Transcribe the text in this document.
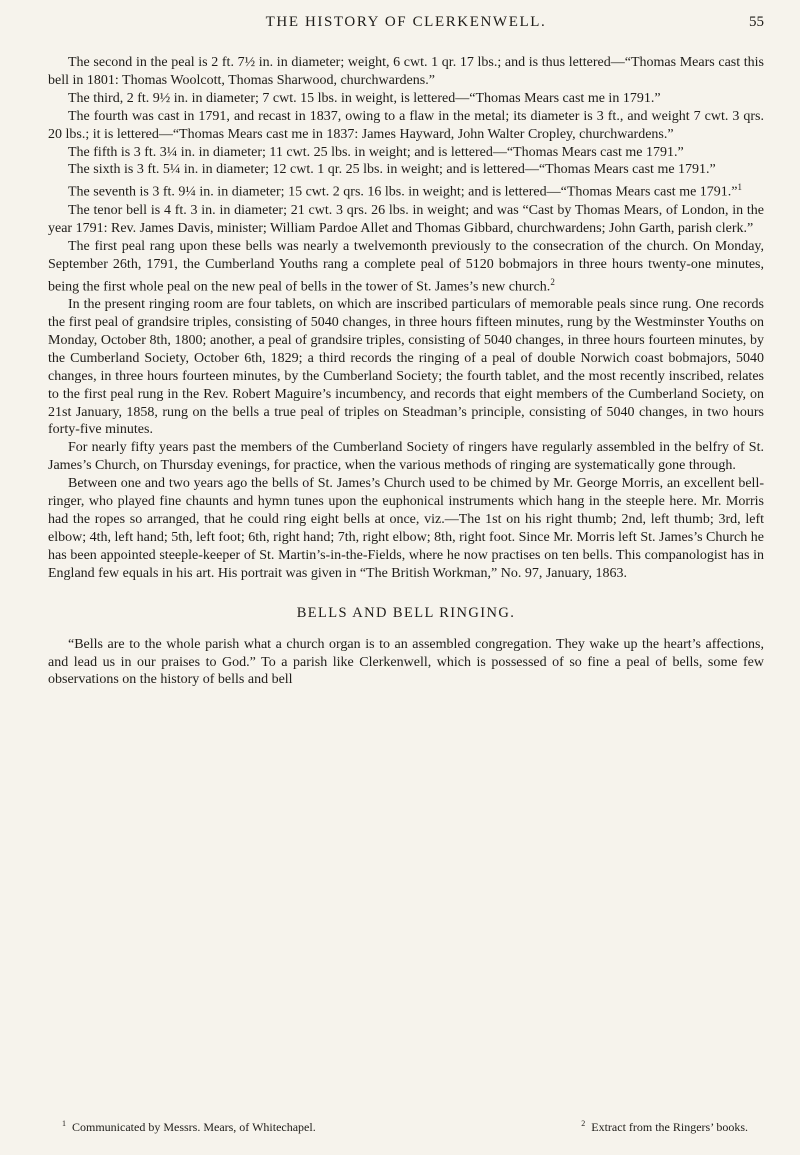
THE HISTORY OF CLERKENWELL.	55

The second in the peal is 2 ft. 7½ in. in diameter; weight, 6 cwt. 1 qr. 17 lbs.; and is thus lettered—“Thomas Mears cast this bell in 1801: Thomas Woolcott, Thomas Sharwood, churchwardens.”

The third, 2 ft. 9½ in. in diameter; 7 cwt. 15 lbs. in weight, is lettered—“Thomas Mears cast me in 1791.”

The fourth was cast in 1791, and recast in 1837, owing to a flaw in the metal; its diameter is 3 ft., and weight 7 cwt. 3 qrs. 20 lbs.; it is lettered—“Thomas Mears cast me in 1837: James Hayward, John Walter Cropley, churchwardens.”

The fifth is 3 ft. 3¼ in. in diameter; 11 cwt. 25 lbs. in weight; and is lettered—“Thomas Mears cast me 1791.”

The sixth is 3 ft. 5¼ in. in diameter; 12 cwt. 1 qr. 25 lbs. in weight; and is lettered—“Thomas Mears cast me 1791.”

The seventh is 3 ft. 9¼ in. in diameter; 15 cwt. 2 qrs. 16 lbs. in weight; and is lettered—“Thomas Mears cast me 1791.”$^1$

The tenor bell is 4 ft. 3 in. in diameter; 21 cwt. 3 qrs. 26 lbs. in weight; and was “Cast by Thomas Mears, of London, in the year 1791: Rev. James Davis, minister; William Pardoe Allet and Thomas Gibbard, churchwardens; John Garth, parish clerk.”

The first peal rang upon these bells was nearly a twelvemonth previously to the consecration of the church. On Monday, September 26th, 1791, the Cumberland Youths rang a complete peal of 5120 bobmajors in three hours twenty-one minutes, being the first whole peal on the new peal of bells in the tower of St. James’s new church.$^2$

In the present ringing room are four tablets, on which are inscribed particulars of memorable peals since rung. One records the first peal of grandsire triples, consisting of 5040 changes, in three hours fifteen minutes, rung by the Westminster Youths on Monday, October 8th, 1800; another, a peal of grandsire triples, consisting of 5040 changes, in three hours fourteen minutes, by the Cumberland Society, October 6th, 1829; a third records the ringing of a peal of double Norwich coast bobmajors, 5040 changes, in three hours fourteen minutes, by the Cumberland Society; the fourth tablet, and the most recently inscribed, relates to the first peal rung in the Rev. Robert Maguire’s incumbency, and records that eight members of the Cumberland Society, on 21st January, 1858, rung on the bells a true peal of triples on Steadman’s principle, consisting of 5040 changes, in two hours forty-five minutes.

For nearly fifty years past the members of the Cumberland Society of ringers have regularly assembled in the belfry of St. James’s Church, on Thursday evenings, for practice, when the various methods of ringing are systematically gone through.

Between one and two years ago the bells of St. James’s Church used to be chimed by Mr. George Morris, an excellent bell-ringer, who played fine chaunts and hymn tunes upon the euphonical instruments which hang in the steeple here. Mr. Morris had the ropes so arranged, that he could ring eight bells at once, viz.—The 1st on his right thumb; 2nd, left thumb; 3rd, left elbow; 4th, left hand; 5th, left foot; 6th, right hand; 7th, right elbow; 8th, right foot. Since Mr. Morris left St. James’s Church he has been appointed steeple-keeper of St. Martin’s-in-the-Fields, where he now practises on ten bells. This companologist has in England few equals in his art. His portrait was given in “The British Workman,” No. 97, January, 1863.

BELLS AND BELL RINGING.

“Bells are to the whole parish what a church organ is to an assembled congregation. They wake up the heart’s affections, and lead us in our praises to God.” To a parish like Clerkenwell, which is possessed of so fine a peal of bells, some few observations on the history of bells and bell

$^1$ Communicated by Messrs. Mears, of Whitechapel.	$^2$ Extract from the Ringers’ books.
